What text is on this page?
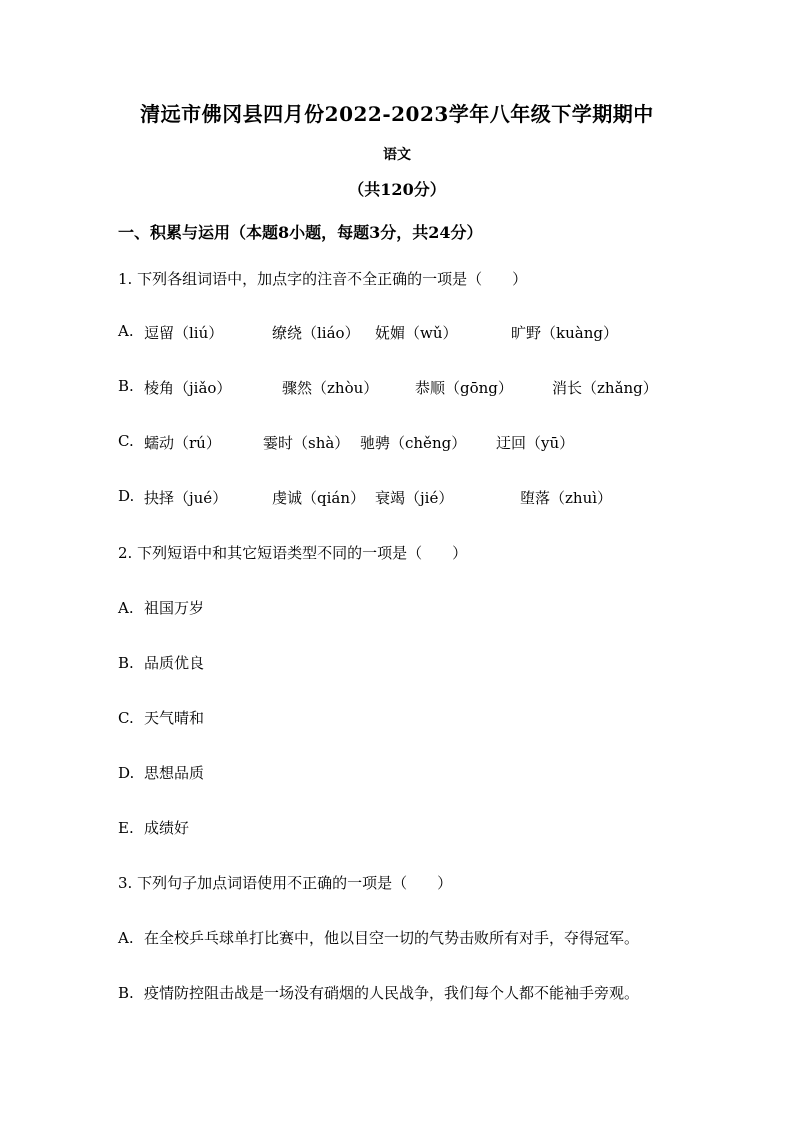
清远市佛冈县四月份2022-2023学年八年级下学期期中
语文
（共120分）
一、积累与运用（本题8小题，每题3分，共24分）
1. 下列各组词语中，加点字的注音不全正确的一项是（　　）
A. 逗留（liú）	缭绕（liáo） 妩媚（wǔ）	旷野（kuàng）
B. 棱角（jiǎo）	骤然（zhòu） 恭顺（gōng）	消长（zhǎng）
C. 蠕动（rú）	霎时（shà） 驰骋（chěng） 迂回（yū）
D. 抉择（jué）	虔诚（qián） 衰竭（jié）	堕落（zhuì）
2. 下列短语中和其它短语类型不同的一项是（　　）
A. 祖国万岁
B. 品质优良
C. 天气晴和
D. 思想品质
E. 成绩好
3. 下列句子加点词语使用不正确的一项是（　　）
A. 在全校乒乓球单打比赛中，他以目空一切的气势击败所有对手，夺得冠军。
B. 疫情防控阻击战是一场没有硝烟的人民战争，我们每个人都不能袖手旁观。
